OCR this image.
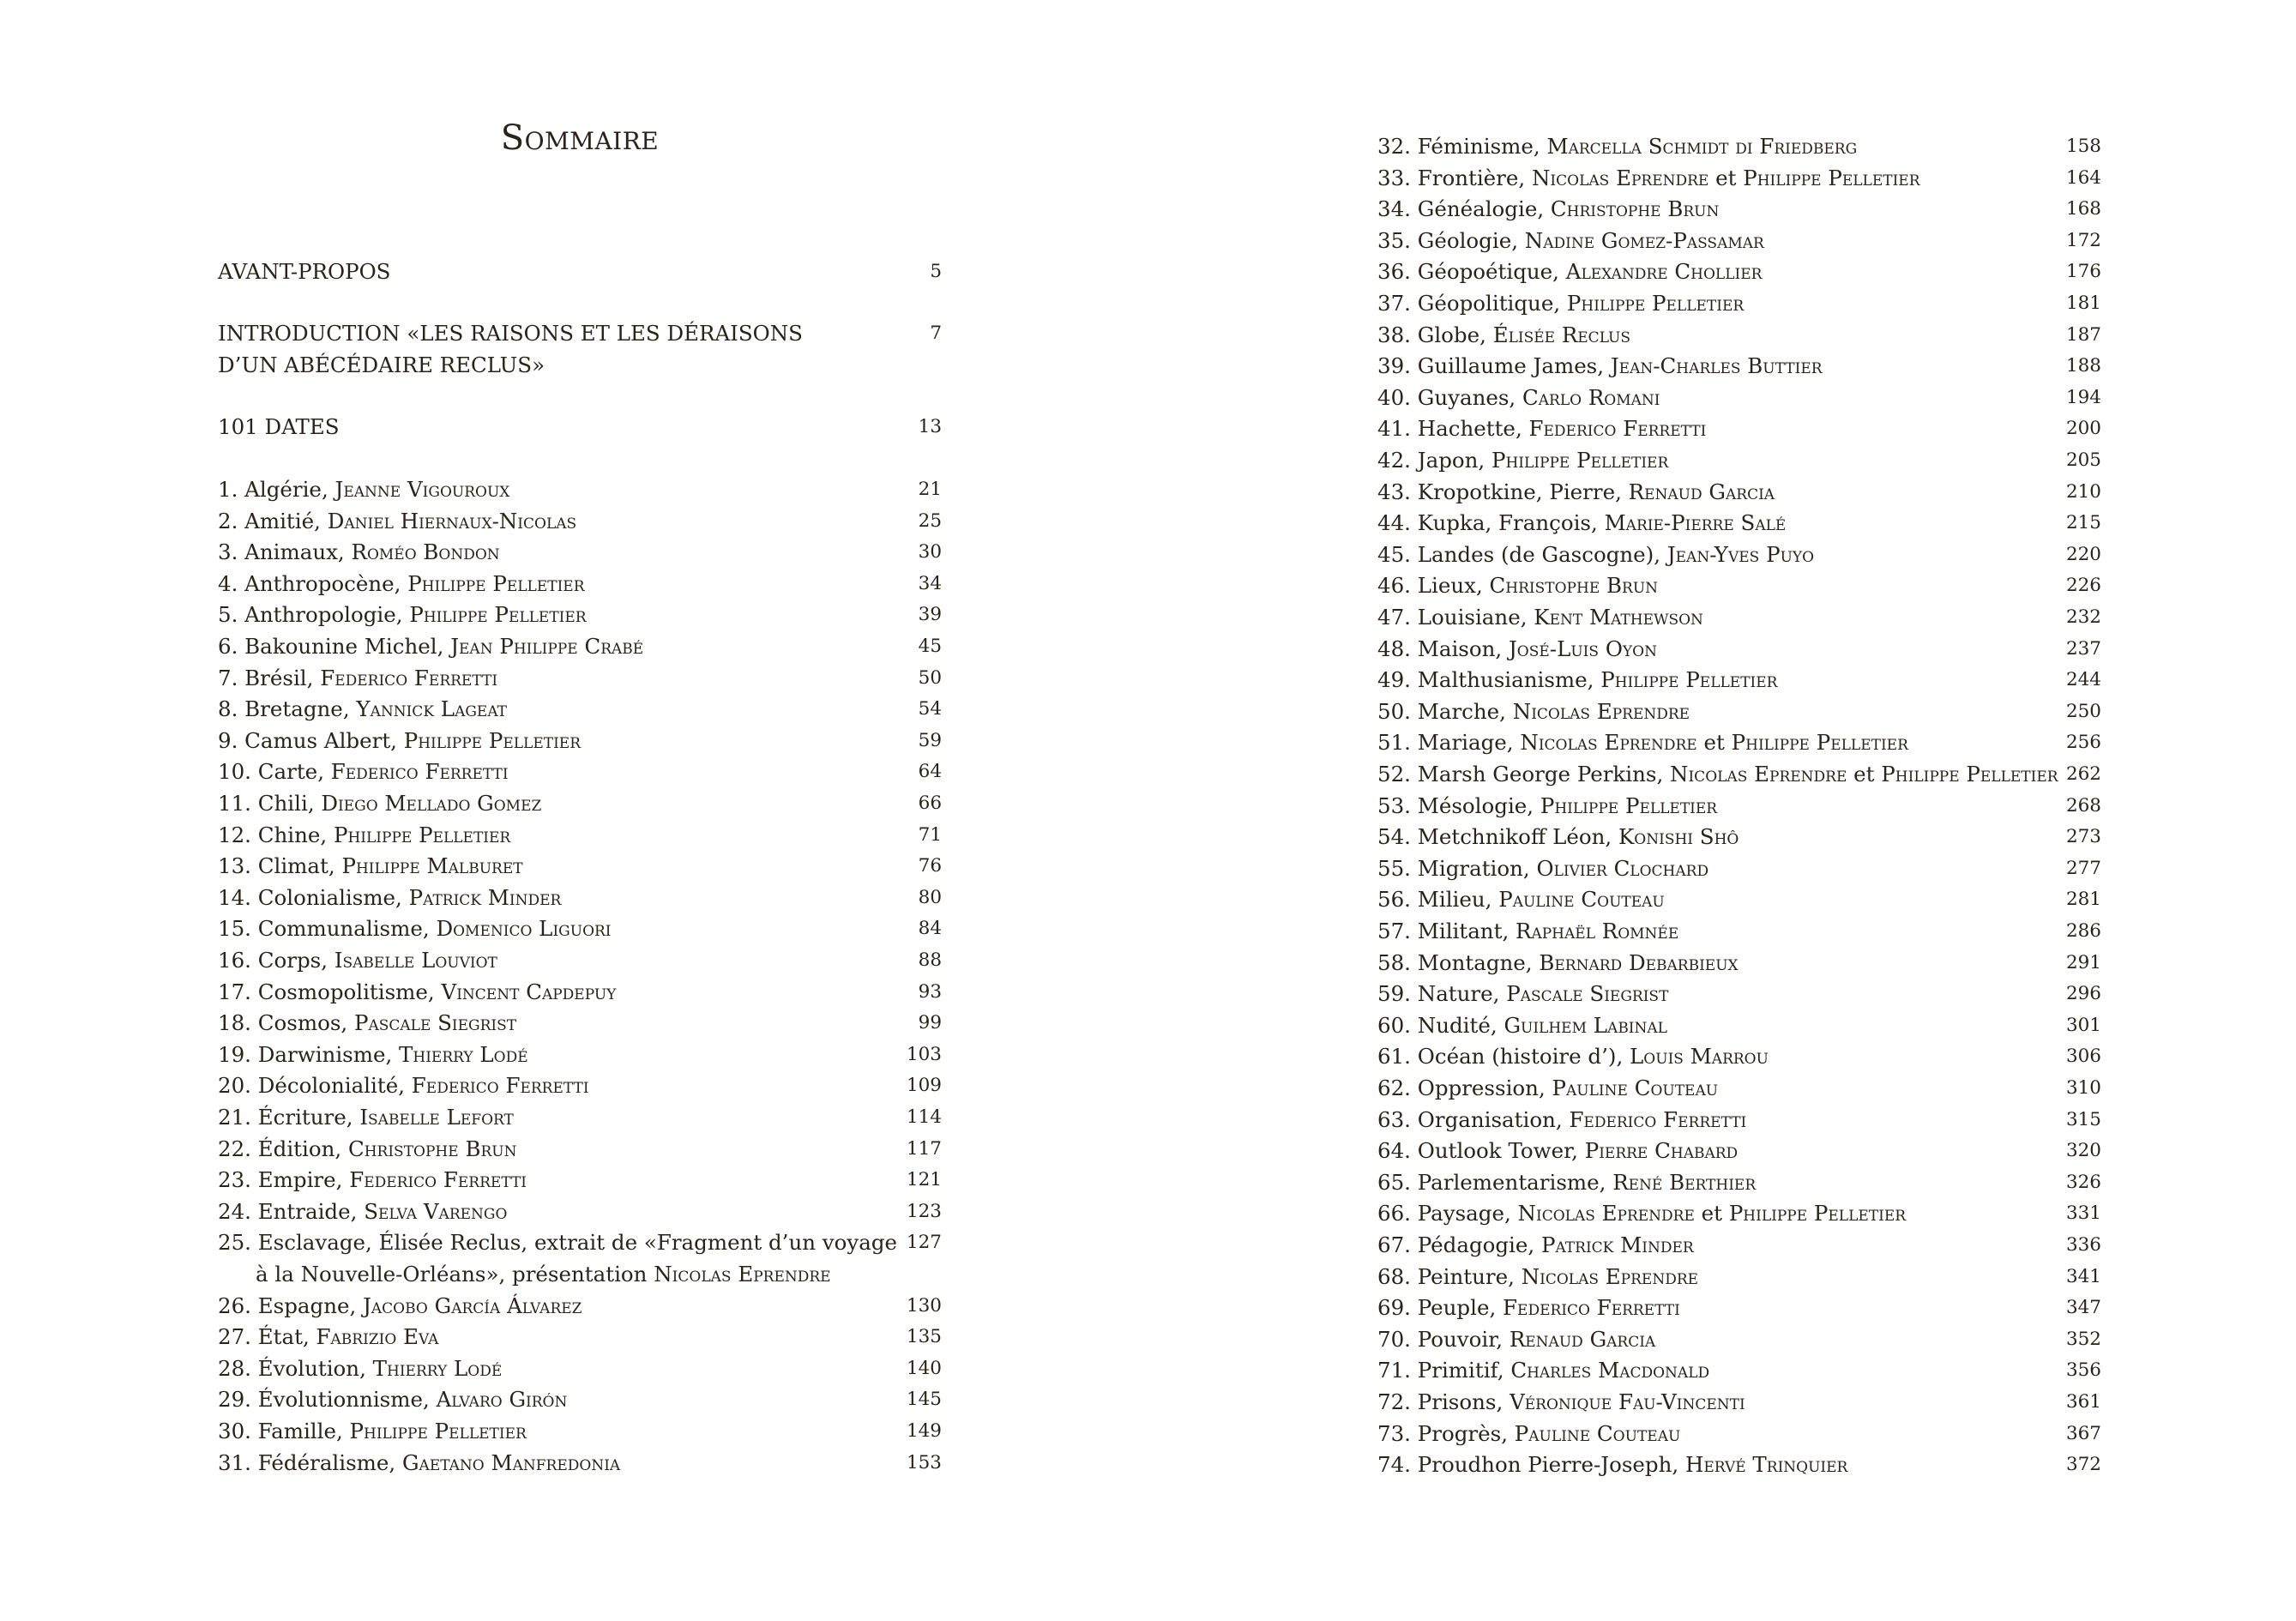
Sommaire
AVANT-PROPOS	5
INTRODUCTION «LES RAISONS ET LES DÉRAISONS D’UN ABÉCÉDAIRE RECLUS»
7
101 DATES	13
1. Algérie, Jeanne Vigouroux	21
2. Amitié, Daniel Hiernaux-Nicolas	25
3. Animaux, Roméo Bondon	30
4. Anthropocène, Philippe Pelletier	34
5. Anthropologie, Philippe Pelletier	39
6. Bakounine Michel, Jean Philippe Crabé	45
7. Brésil, Federico Ferretti	50
8. Bretagne, Yannick Lageat	54
9. Camus Albert, Philippe Pelletier	59
10. Carte, Federico Ferretti	64
11. Chili, Diego Mellado Gomez	66
12. Chine, Philippe Pelletier	71
13. Climat, Philippe Malburet	76
14. Colonialisme, Patrick Minder	80
15. Communalisme, Domenico Liguori	84
16. Corps, Isabelle Louviot	88
17. Cosmopolitisme, Vincent Capdepuy	93
18. Cosmos, Pascale Siegrist	99
19. Darwinisme, Thierry Lodé	103
20. Décolonialité, Federico Ferretti	109
21. Écriture, Isabelle Lefort	114
22. Édition, Christophe Brun	117
23. Empire, Federico Ferretti	121
24. Entraide, Selva Varengo	123
25. Esclavage, Élisée Reclus, extrait de «Fragment d’un voyage
à la Nouvelle-Orléans», présentation Nicolas Eprendre
127
26. Espagne, Jacobo García Álvarez	130
27. État, Fabrizio Eva	135
28. Évolution, Thierry Lodé	140
29. Évolutionnisme, Alvaro Girón	145
30. Famille, Philippe Pelletier	149
31. Fédéralisme, Gaetano Manfredonia	153
32. Féminisme, Marcella Schmidt di Friedberg	158
33. Frontière, Nicolas Eprendre et Philippe Pelletier	164
34. Généalogie, Christophe Brun	168
35. Géologie, Nadine Gomez-Passamar	172
36. Géopoétique, Alexandre Chollier	176
37. Géopolitique, Philippe Pelletier	181
38. Globe, Élisée Reclus	187
39. Guillaume James, Jean-Charles Buttier	188
40. Guyanes, Carlo Romani	194
41. Hachette, Federico Ferretti	200
42. Japon, Philippe Pelletier	205
43. Kropotkine, Pierre, Renaud Garcia	210
44. Kupka, François, Marie-Pierre Salé	215
45. Landes (de Gascogne), Jean-Yves Puyo	220
46. Lieux, Christophe Brun	226
47. Louisiane, Kent Mathewson	232
48. Maison, José-Luis Oyon	237
49. Malthusianisme, Philippe Pelletier	244
50. Marche, Nicolas Eprendre	250
51. Mariage, Nicolas Eprendre et Philippe Pelletier	256
52. Marsh George Perkins, Nicolas Eprendre et Philippe Pelletier 262
53. Mésologie, Philippe Pelletier	268
54. Metchnikoff Léon, Konishi Shô	273
55. Migration, Olivier Clochard	277
56. Milieu, Pauline Couteau	281
57. Militant, Raphaël Romnée	286
58. Montagne, Bernard Debarbieux	291
59. Nature, Pascale Siegrist	296
60. Nudité, Guilhem Labinal	301
61. Océan (histoire d’), Louis Marrou	306
62. Oppression, Pauline Couteau	310
63. Organisation, Federico Ferretti	315
64. Outlook Tower, Pierre Chabard	320
65. Parlementarisme, René Berthier	326
66. Paysage, Nicolas Eprendre et Philippe Pelletier	331
67. Pédagogie, Patrick Minder	336
68. Peinture, Nicolas Eprendre	341
69. Peuple, Federico Ferretti	347
70. Pouvoir, Renaud Garcia	352
71. Primitif, Charles Macdonald	356
72. Prisons, Véronique Fau-Vincenti	361
73. Progrès, Pauline Couteau	367
74. Proudhon Pierre-Joseph, Hervé Trinquier	372
